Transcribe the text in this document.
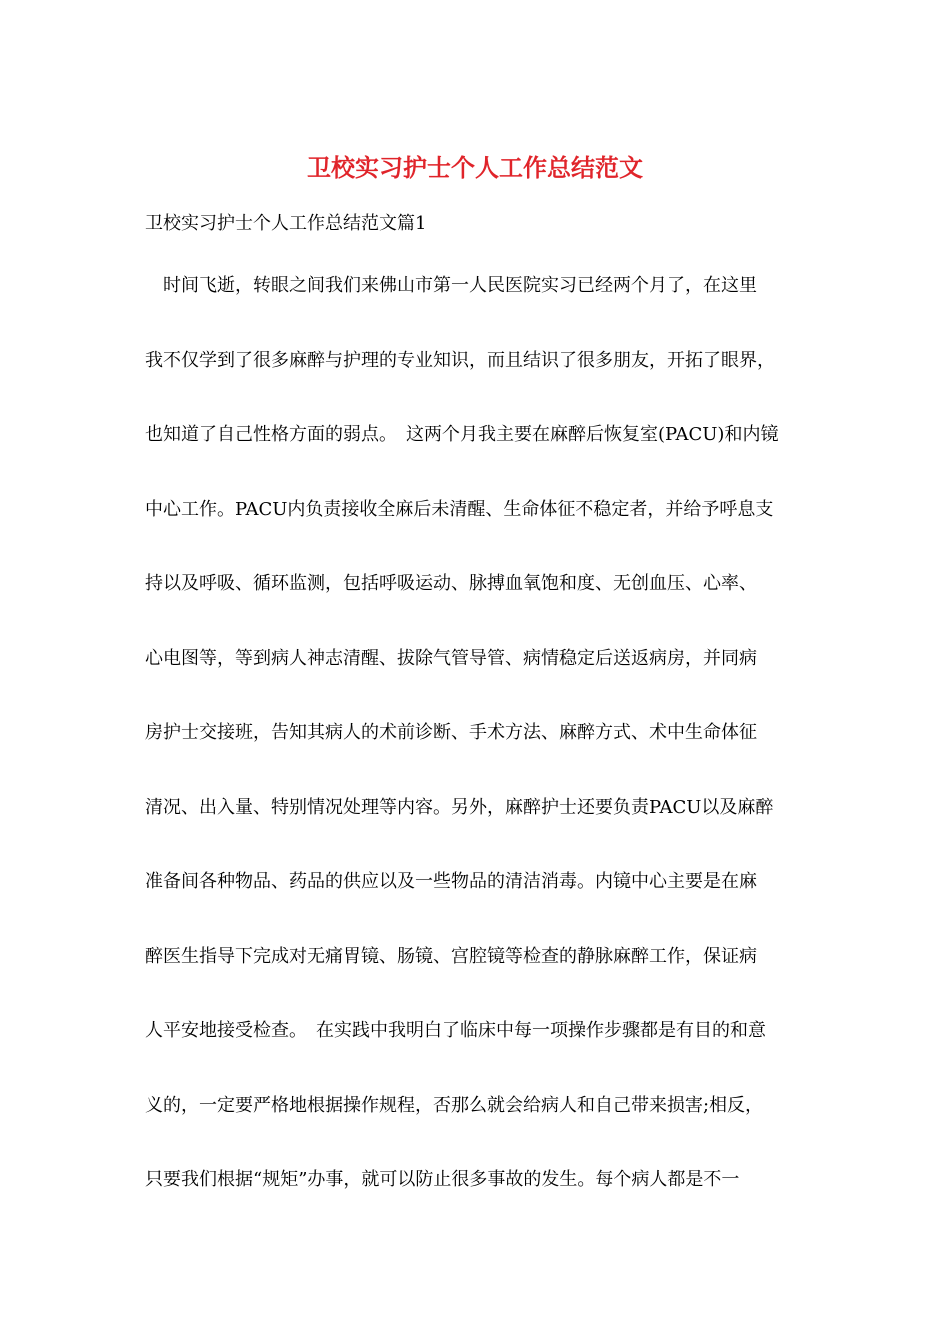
卫校实习护士个人工作总结范文
卫校实习护士个人工作总结范文篇1
　时间飞逝，转眼之间我们来佛山市第一人民医院实习已经两个月了，在这里
我不仅学到了很多麻醉与护理的专业知识，而且结识了很多朋友，开拓了眼界，
也知道了自己性格方面的弱点。　这两个月我主要在麻醉后恢复室(PACU)和内镜
中心工作。PACU内负责接收全麻后未清醒、生命体征不稳定者，并给予呼息支
持以及呼吸、循环监测，包括呼吸运动、脉搏血氧饱和度、无创血压、心率、
心电图等，等到病人神志清醒、拔除气管导管、病情稳定后送返病房，并同病
房护士交接班，告知其病人的术前诊断、手术方法、麻醉方式、术中生命体征
清况、出入量、特别情况处理等内容。另外，麻醉护士还要负责PACU以及麻醉
准备间各种物品、药品的供应以及一些物品的清洁消毒。内镜中心主要是在麻
醉医生指导下完成对无痛胃镜、肠镜、宫腔镜等检查的静脉麻醉工作，保证病
人平安地接受检查。　在实践中我明白了临床中每一项操作步骤都是有目的和意
义的，一定要严格地根据操作规程，否那么就会给病人和自己带来损害;相反，
只要我们根据“规矩”办事，就可以防止很多事故的发生。每个病人都是不一
